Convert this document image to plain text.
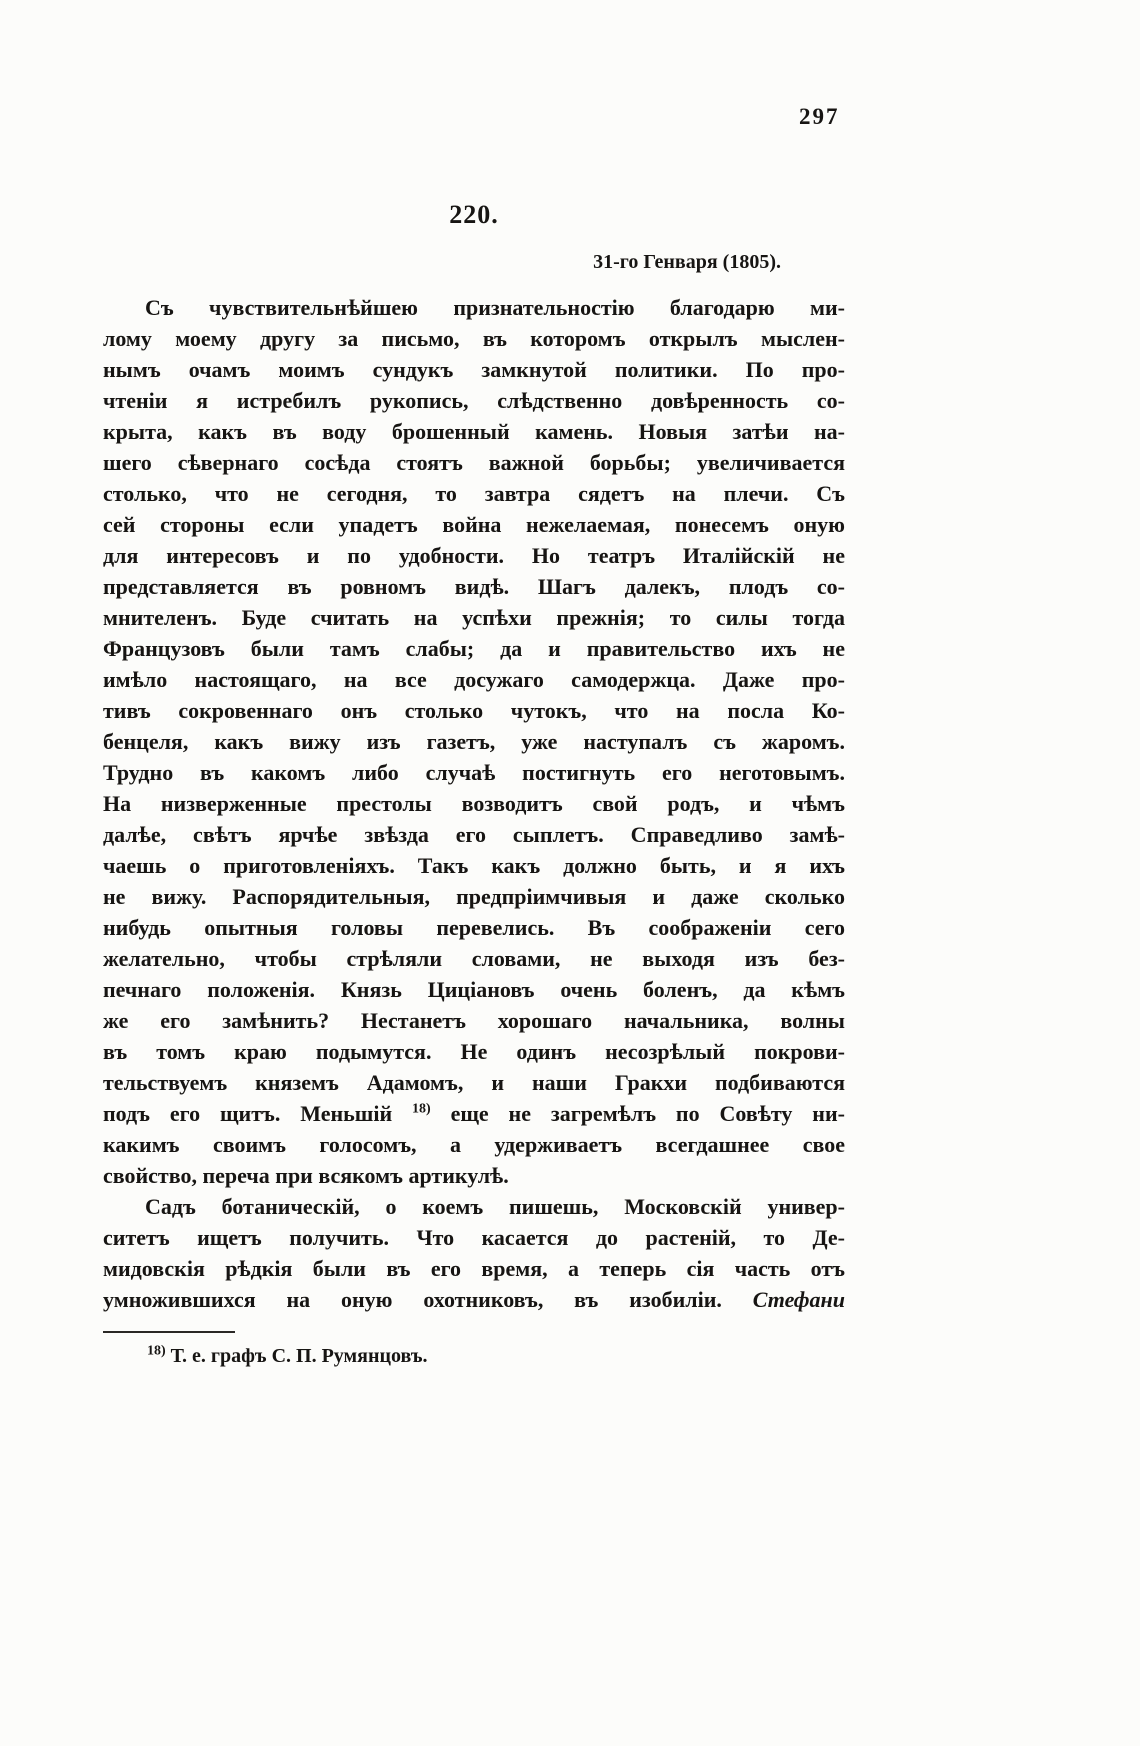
297
220.
31-го Генваря (1805).
Съ чувствительнѣйшею признательностію благодарю ми-
лому моему другу за письмо, въ которомъ открылъ мыслен-
нымъ очамъ моимъ сундукъ замкнутой политики. По про-
чтеніи я истребилъ рукопись, слѣдственно довѣренность со-
крыта, какъ въ воду брошенный камень. Новыя затѣи на-
шего сѣвернаго сосѣда стоятъ важной борьбы; увеличивается
столько, что не сегодня, то завтра сядетъ на плечи. Съ
сей стороны если упадетъ война нежелаемая, понесемъ оную
для интересовъ и по удобности. Но театръ Италійскій не
представляется въ ровномъ видѣ. Шагъ далекъ, плодъ со-
мнителенъ. Буде считать на успѣхи прежнія; то силы тогда
Французовъ были тамъ слабы; да и правительство ихъ не
имѣло настоящаго, на все досужаго самодержца. Даже про-
тивъ сокровеннаго онъ столько чутокъ, что на посла Ко-
бенцеля, какъ вижу изъ газетъ, уже наступалъ съ жаромъ.
Трудно въ какомъ либо случаѣ постигнуть его неготовымъ.
На низверженные престолы возводитъ свой родъ, и чѣмъ
далѣе, свѣтъ ярчѣе звѣзда его сыплетъ. Справедливо замѣ-
чаешь о приготовленіяхъ. Такъ какъ должно быть, и я ихъ
не вижу. Распорядительныя, предпріимчивыя и даже сколько
нибудь опытныя головы перевелись. Въ соображеніи сего
желательно, чтобы стрѣляли словами, не выходя изъ без-
печнаго положенія. Князь Циціановъ очень боленъ, да кѣмъ
же его замѣнить? Нестанетъ хорошаго начальника, волны
въ томъ краю подымутся. Не одинъ несозрѣлый покрови-
тельствуемъ княземъ Адамомъ, и наши Гракхи подбиваются
подъ его щитъ. Меньшій $^{18)}$ еще не загремѣлъ по Совѣту ни-
какимъ своимъ голосомъ, а удерживаетъ всегдашнее свое
свойство, переча при всякомъ артикулѣ.
Садъ ботаническій, о коемъ пишешь, Московскій универ-
ситетъ ищетъ получить. Что касается до растеній, то Де-
мидовскія рѣдкія были въ его время, а теперь сія часть отъ
умножившихся на оную охотниковъ, въ изобиліи. Стефани
$^{18)}$ Т. е. графъ С. П. Румянцовъ.
